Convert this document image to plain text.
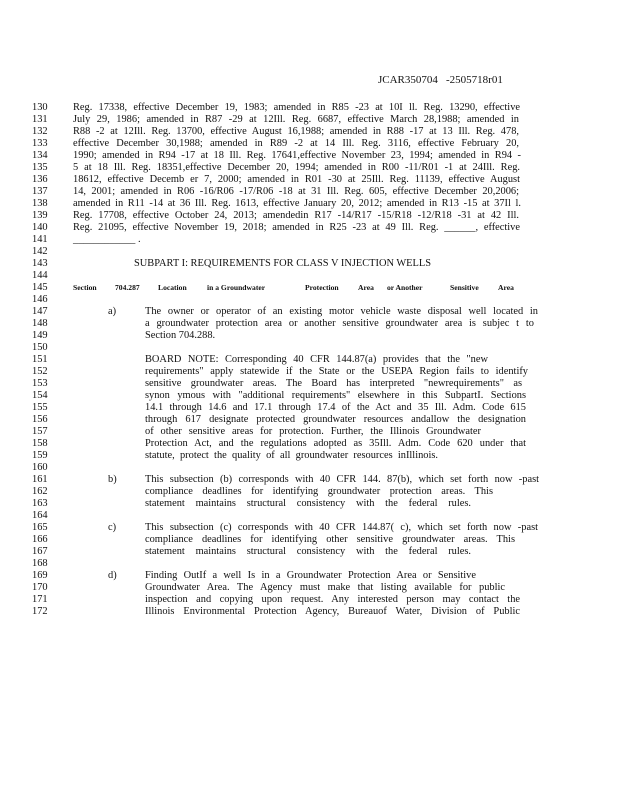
JCAR350704 -2505718r01
130	Reg. 17338, effective December 19, 1983; amended in R85 -23 at 10I ll. Reg. 13290, effective
131	July 29, 1986; amended in R87 -29 at 12Ill. Reg. 6687, effective March 28,1988; amended in
132	R88 -2 at 12Ill. Reg. 13700, effective August 16,1988; amended in R88 -17 at 13 Ill. Reg. 478,
133	effective December 30,1988; amended in R89 -2 at 14 Ill. Reg. 3116, effective February 20,
134	1990; amended in R94 -17 at 18 Ill. Reg. 17641,effective November 23, 1994; amended in R94 -
135	5 at 18 Ill. Reg. 18351,effective December 20, 1994; amended in R00 -11/R01 -1 at 24Ill. Reg.
136	18612, effective Decemb er 7, 2000; amended in R01 -30 at 25Ill. Reg. 11139, effective August
137	14, 2001; amended in R06 -16/R06 -17/R06 -18 at 31 Ill. Reg. 605, effective December 20,2006;
138	amended in R11 -14 at 36 Ill. Reg. 1613, effective January 20, 2012; amended in R13 -15 at 37Il l.
139	Reg. 17708, effective October 24, 2013; amendedin R17 -14/R17 -15/R18 -12/R18 -31 at 42 Ill.
140	Reg. 21095, effective November 19, 2018; amended in R25 -23 at 49 Ill. Reg. ______, effective
141	____________ .
142
143	SUBPART I: REQUIREMENTS FOR CLASS V INJECTION WELLS
144
145	Section 704.287 Location	in a Groundwater	Protection	Area or Another	Sensitive	Area
146
147	a)	The owner or operator of an existing motor vehicle waste disposal well located in
148	a groundwater protection area or another sensitive groundwater area is subjec t to
149	Section 704.288.
150
151	BOARD NOTE: Corresponding 40 CFR 144.87(a) provides that the "new
152	requirements" apply statewide if the State or the USEPA Region fails to identify
153	sensitive groundwater areas. The Board has interpreted "newrequirements" as
154	synon ymous with "additional requirements" elsewhere in this SubpartI. Sections
155	14.1 through 14.6 and 17.1 through 17.4 of the Act and 35 Ill. Adm. Code 615
156	through 617 designate protected groundwater resources andallow the designation
157	of other sensitive areas for protection. Further, the Illinois Groundwater
158	Protection Act, and the regulations adopted as 35Ill. Adm. Code 620 under that
159	statute, protect the quality of all groundwater resources inIllinois.
160
161	b)	This subsection (b) corresponds with 40 CFR 144. 87(b), which set forth now -past
162	compliance deadlines for identifying groundwater protection areas. This
163	statement maintains structural consistency with the federal rules.
164
165	c)	This subsection (c) corresponds with 40 CFR 144.87( c), which set forth now -past
166	compliance deadlines for identifying other sensitive groundwater areas. This
167	statement maintains structural consistency with the federal rules.
168
169	d)	Finding OutIf a well Is in a Groundwater Protection Area or Sensitive
170	Groundwater Area. The Agency must make that listing available for public
171	inspection and copying upon request. Any interested person may contact the
172	Illinois Environmental Protection Agency, Bureauof Water, Division of Public
